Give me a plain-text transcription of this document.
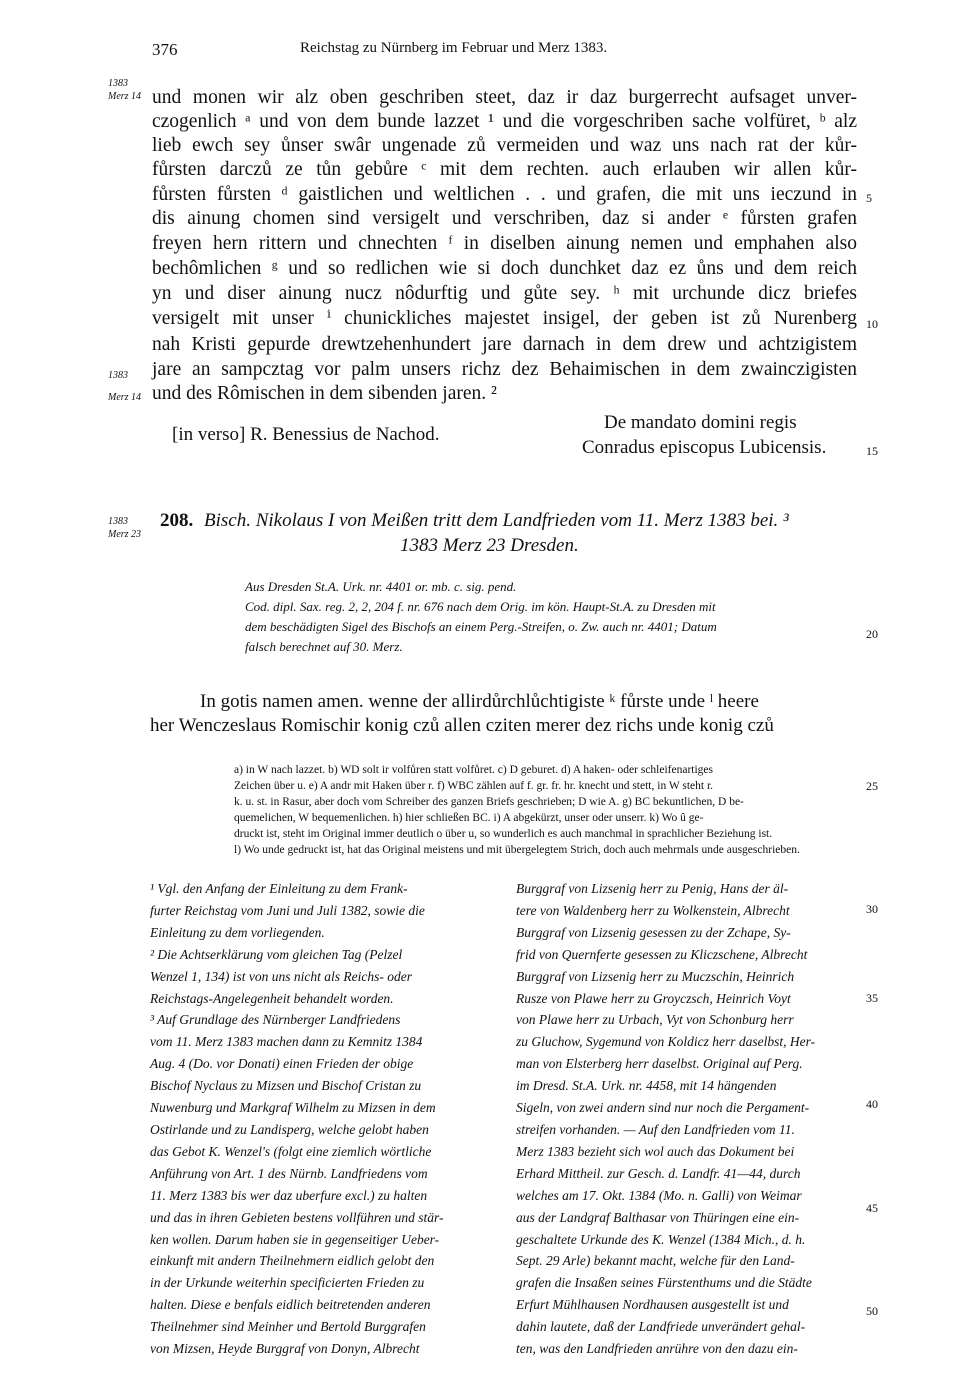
376	Reichstag zu Nürnberg im Februar und Merz 1383.
1383
Merz 14
1383
Merz 14
1383
Merz 23
und monen wir alz oben geschriben steet, daz ir daz burgerrecht aufsaget unver-
czogenlich ᵃ und von dem bunde lazzet ¹ und die vorgeschriben sache volfüret, ᵇ alz
lieb ewch sey ůnser swâr ungenade zů vermeiden und waz uns nach rat der kůr-
fůrsten darczů ze tůn gebůre ᶜ mit dem rechten. auch erlauben wir allen kůr-
fůrsten fůrsten ᵈ gaistlichen und weltlichen . . und grafen, die mit uns ieczund in
dis ainung chomen sind versigelt und verschriben, daz si ander ᵉ fůrsten grafen
freyen hern rittern und chnechten ᶠ in diselben ainung nemen und emphahen also
bechômlichen ᵍ und so redlichen wie si doch dunchket daz ez ůns und dem reich
yn und diser ainung nucz nôdurftig und gůte sey. ʰ mit urchunde dicz briefes
versigelt mit unser ⁱ chunickliches majestet insigel, der geben ist zů Nurenberg
nah Kristi gepurde drewtzehenhundert jare darnach in dem drew und achtzigistem
jare an sampcztag vor palm unsers richz dez Behaimischen in dem zwainczigisten
und des Rômischen in dem sibenden jaren. ²
[in verso] R. Benessius de Nachod.
De mandato domini regis
Conradus episcopus Lubicensis.
5
10
15
208. Bisch. Nikolaus I von Meißen tritt dem Landfrieden vom 11. Merz 1383 bei. ³
1383 Merz 23 Dresden.
Aus Dresden St.A. Urk. nr. 4401 or. mb. c. sig. pend.
Cod. dipl. Sax. reg. 2, 2, 204 f. nr. 676 nach dem Orig. im kön. Haupt-St.A. zu Dresden mit
dem beschädigten Sigel des Bischofs an einem Perg.-Streifen, o. Zw. auch nr. 4401; Datum
falsch berechnet auf 30. Merz.
In gotis namen amen. wenne der allirdůrchlůchtigiste ᵏ fůrste unde ˡ heere
her Wenczeslaus Romischir konig czů allen cziten merer dez richs unde konig czů
20
25
a) in W nach lazzet. b) WD solt ir volfůren statt volfůret. c) D geburet. d) A haken- oder schleifenartiges
Zeichen über u. e) A andr mit Haken über r. f) WBC zählen auf f. gr. fr. hr. knecht und stett, in W steht r.
k. u. st. in Rasur, aber doch vom Schreiber des ganzen Briefs geschrieben; D wie A. g) BC bekuntlichen, D be-
quemelichen, W bequemenlichen. h) hier schließen BC. i) A abgekürzt, unser oder unserr. k) Wo û ge-
druckt ist, steht im Original immer deutlich o über u, so wunderlich es auch manchmal in sprachlicher Beziehung ist.
l) Wo unde gedruckt ist, hat das Original meistens und mit übergelegtem Strich, doch auch mehrmals unde ausgeschrieben.
¹ Vgl. den Anfang der Einleitung zu dem Frank-
furter Reichstag vom Juni und Juli 1382, sowie die
Einleitung zu dem vorliegenden.
² Die Achtserklärung vom gleichen Tag (Pelzel
Wenzel 1, 134) ist von uns nicht als Reichs- oder
Reichstags-Angelegenheit behandelt worden.
³ Auf Grundlage des Nürnberger Landfriedens
vom 11. Merz 1383 machen dann zu Kemnitz 1384
Aug. 4 (Do. vor Donati) einen Frieden der obige
Bischof Nyclaus zu Mizsen und Bischof Cristan zu
Nuwenburg und Markgraf Wilhelm zu Mizsen in dem
Ostirlande und zu Landisperg, welche gelobt haben
das Gebot K. Wenzel's (folgt eine ziemlich wörtliche
Anführung von Art. 1 des Nürnb. Landfriedens vom
11. Merz 1383 bis wer daz uberfure excl.) zu halten
und das in ihren Gebieten bestens vollführen und stär-
ken wollen. Darum haben sie in gegenseitiger Ueber-
einkunft mit andern Theilnehmern eidlich gelobt den
in der Urkunde weiterhin specificierten Frieden zu
halten. Diese e benfals eidlich beitretenden anderen
Theilnehmer sind Meinher und Bertold Burggrafen
von Mizsen, Heyde Burggraf von Donyn, Albrecht
Burggraf von Lizsenig herr zu Penig, Hans der äl-
tere von Waldenberg herr zu Wolkenstein, Albrecht
Burggraf von Lizsenig gesessen zu der Zchape, Sy-
frid von Quernferte gesessen zu Kliczschene, Albrecht
Burggraf von Lizsenig herr zu Muczschin, Heinrich
Rusze von Plawe herr zu Groyczsch, Heinrich Voyt
von Plawe herr zu Urbach, Vyt von Schonburg herr
zu Gluchow, Sygemund von Koldicz herr daselbst, Her-
man von Elsterberg herr daselbst. Original auf Perg.
im Dresd. St.A. Urk. nr. 4458, mit 14 hängenden
Sigeln, von zwei andern sind nur noch die Pergament-
streifen vorhanden. — Auf den Landfrieden vom 11.
Merz 1383 bezieht sich wol auch das Dokument bei
Erhard Mittheil. zur Gesch. d. Landfr. 41—44, durch
welches am 17. Okt. 1384 (Mo. n. Galli) von Weimar
aus der Landgraf Balthasar von Thüringen eine ein-
geschaltete Urkunde des K. Wenzel (1384 Mich., d. h.
Sept. 29 Arle) bekannt macht, welche für den Land-
grafen die Insaßen seines Fürstenthums und die Städte
Erfurt Mühlhausen Nordhausen ausgestellt ist und
dahin lautete, daß der Landfriede unverändert gehal-
ten, was den Landfrieden anrühre von den dazu ein-
30
35
40
45
50
